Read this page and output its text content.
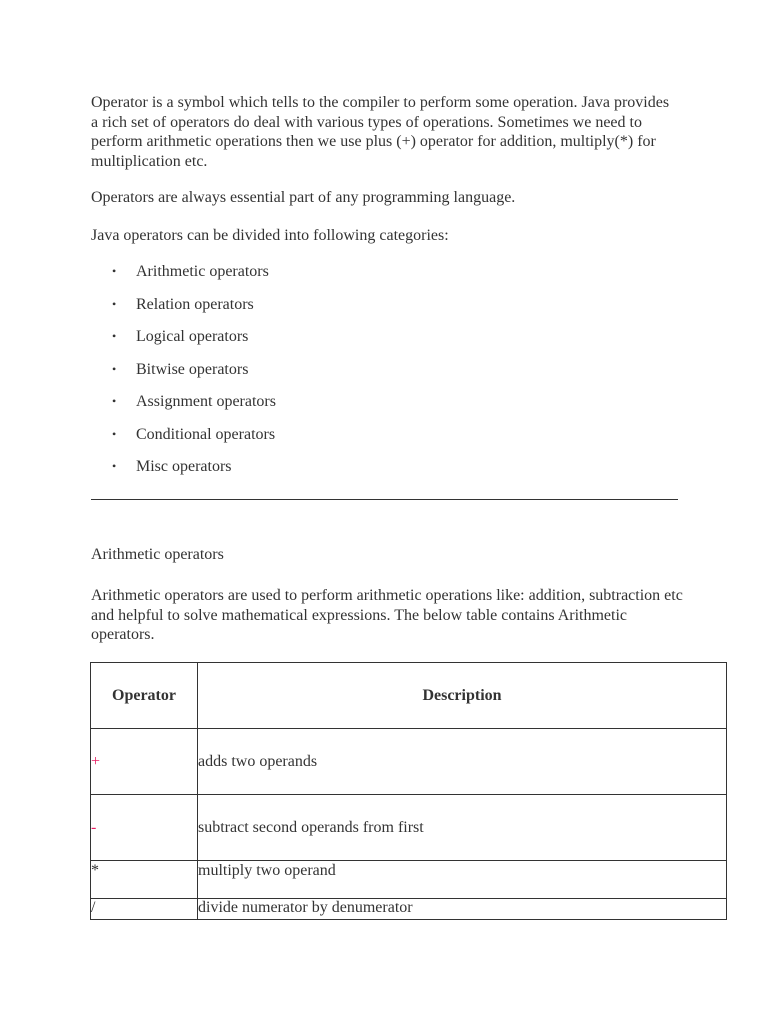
Operator is a symbol which tells to the compiler to perform some operation. Java provides a rich set of operators do deal with various types of operations. Sometimes we need to perform arithmetic operations then we use plus (+) operator for addition, multiply(*) for multiplication etc.

Operators are always essential part of any programming language.

Java operators can be divided into following categories:

• Arithmetic operators
• Relation operators
• Logical operators
• Bitwise operators
• Assignment operators
• Conditional operators
• Misc operators
Arithmetic operators

Arithmetic operators are used to perform arithmetic operations like: addition, subtraction etc and helpful to solve mathematical expressions. The below table contains Arithmetic operators.

Operator	Description
+	adds two operands
-	subtract second operands from first
*	multiply two operand
/	divide numerator by denumerator
